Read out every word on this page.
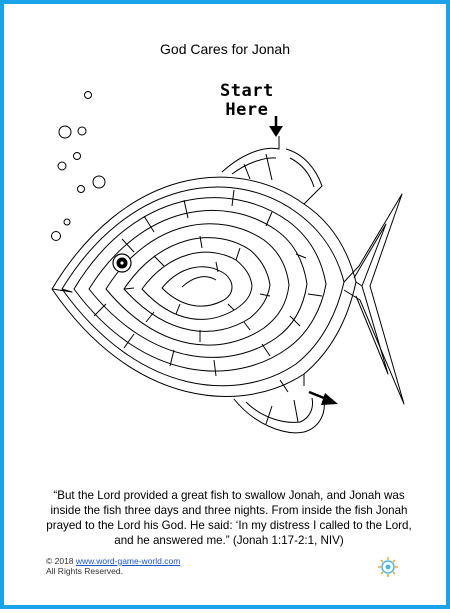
God Cares for Jonah
Start
Here
“But the Lord provided a great fish to swallow Jonah, and Jonah was inside the fish three days and three nights. From inside the fish Jonah prayed to the Lord his God. He said: ‘In my distress I called to the Lord, and he answered me.” (Jonah 1:17-2:1, NIV)
© 2018 www.word-game-world.com
All Rights Reserved.
